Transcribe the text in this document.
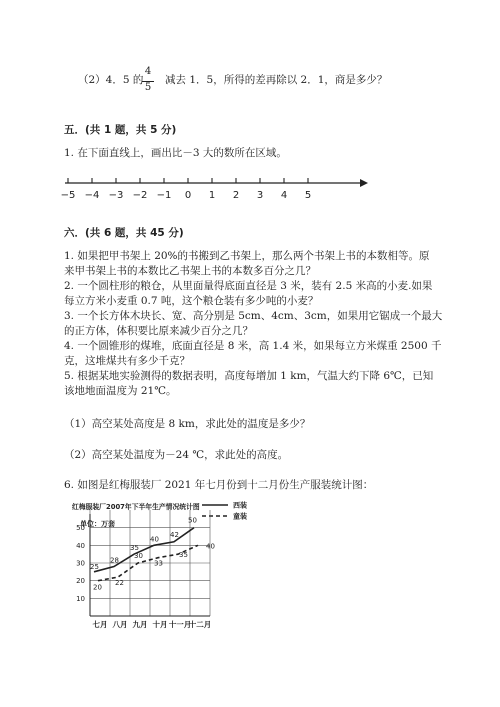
（2）4．5 的
4
5
减去 1．5，所得的差再除以 2．1，商是多少？
五．(共 1 题，共 5 分)
1. 在下面直线上，画出比－3 大的数所在区域。
−5 −4 −3 −2 −1 0 1 2 3 4 5
六．(共 6 题，共 45 分)
1. 如果把甲书架上 20%的书搬到乙书架上，那么两个书架上书的本数相等。原
来甲书架上书的本数比乙书架上书的本数多百分之几？
2. 一个圆柱形的粮仓，从里面量得底面直径是 3 米，装有 2.5 米高的小麦.如果
每立方米小麦重 0.7 吨，这个粮仓装有多少吨的小麦？
3. 一个长方体木块长、宽、高分别是 5cm、4cm、3cm，如果用它锯成一个最大
的正方体，体积要比原来减少百分之几？
4. 一个圆锥形的煤堆，底面直径是 8 米，高 1.4 米，如果每立方米煤重 2500 千
克，这堆煤共有多少千克？
5. 根据某地实验测得的数据表明，高度每增加 1 km，气温大约下降 6℃，已知
该地地面温度为 21℃。
（1）高空某处高度是 8 km，求此处的温度是多少？
（2）高空某处温度为－24 ℃，求此处的高度。
6. 如图是红梅服装厂 2021 年七月份到十二月份生产服装统计图：
红梅服装厂2007年下半年生产情况统计图
单位：万套
西装
童装
10
20
30
40
50
七月 八月 九月 十月 十一月
十二月
25
28
35
40
42
50
20
22
30
33
35
40
